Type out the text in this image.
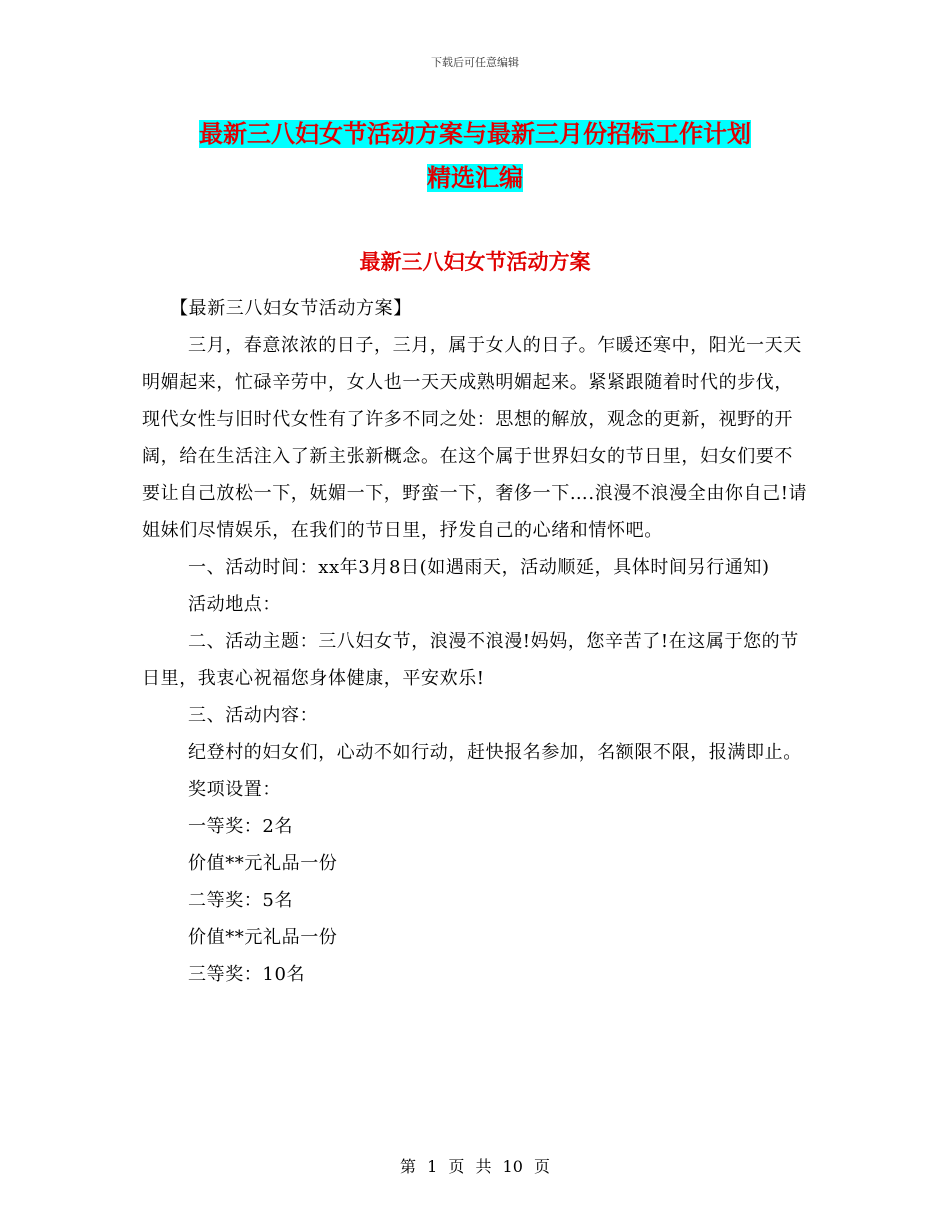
下载后可任意编辑
最新三八妇女节活动方案与最新三月份招标工作计划
精选汇编
最新三八妇女节活动方案

【最新三八妇女节活动方案】

三月，春意浓浓的日子，三月，属于女人的日子。乍暖还寒中，阳光一天天明媚起来，忙碌辛劳中，女人也一天天成熟明媚起来。紧紧跟随着时代的步伐，现代女性与旧时代女性有了许多不同之处：思想的解放，观念的更新，视野的开阔，给在生活注入了新主张新概念。在这个属于世界妇女的节日里，妇女们要不要让自己放松一下，妩媚一下，野蛮一下，奢侈一下….浪漫不浪漫全由你自己!请姐妹们尽情娱乐，在我们的节日里，抒发自己的心绪和情怀吧。

一、活动时间：xx年3月8日(如遇雨天，活动顺延，具体时间另行通知)

活动地点：

二、活动主题：三八妇女节，浪漫不浪漫!妈妈，您辛苦了!在这属于您的节日里，我衷心祝福您身体健康，平安欢乐!

三、活动内容：

纪登村的妇女们，心动不如行动，赶快报名参加，名额限不限，报满即止。

奖项设置：

一等奖：2名

价值**元礼品一份

二等奖：5名

价值**元礼品一份

三等奖：10名

第 1 页 共 10 页
